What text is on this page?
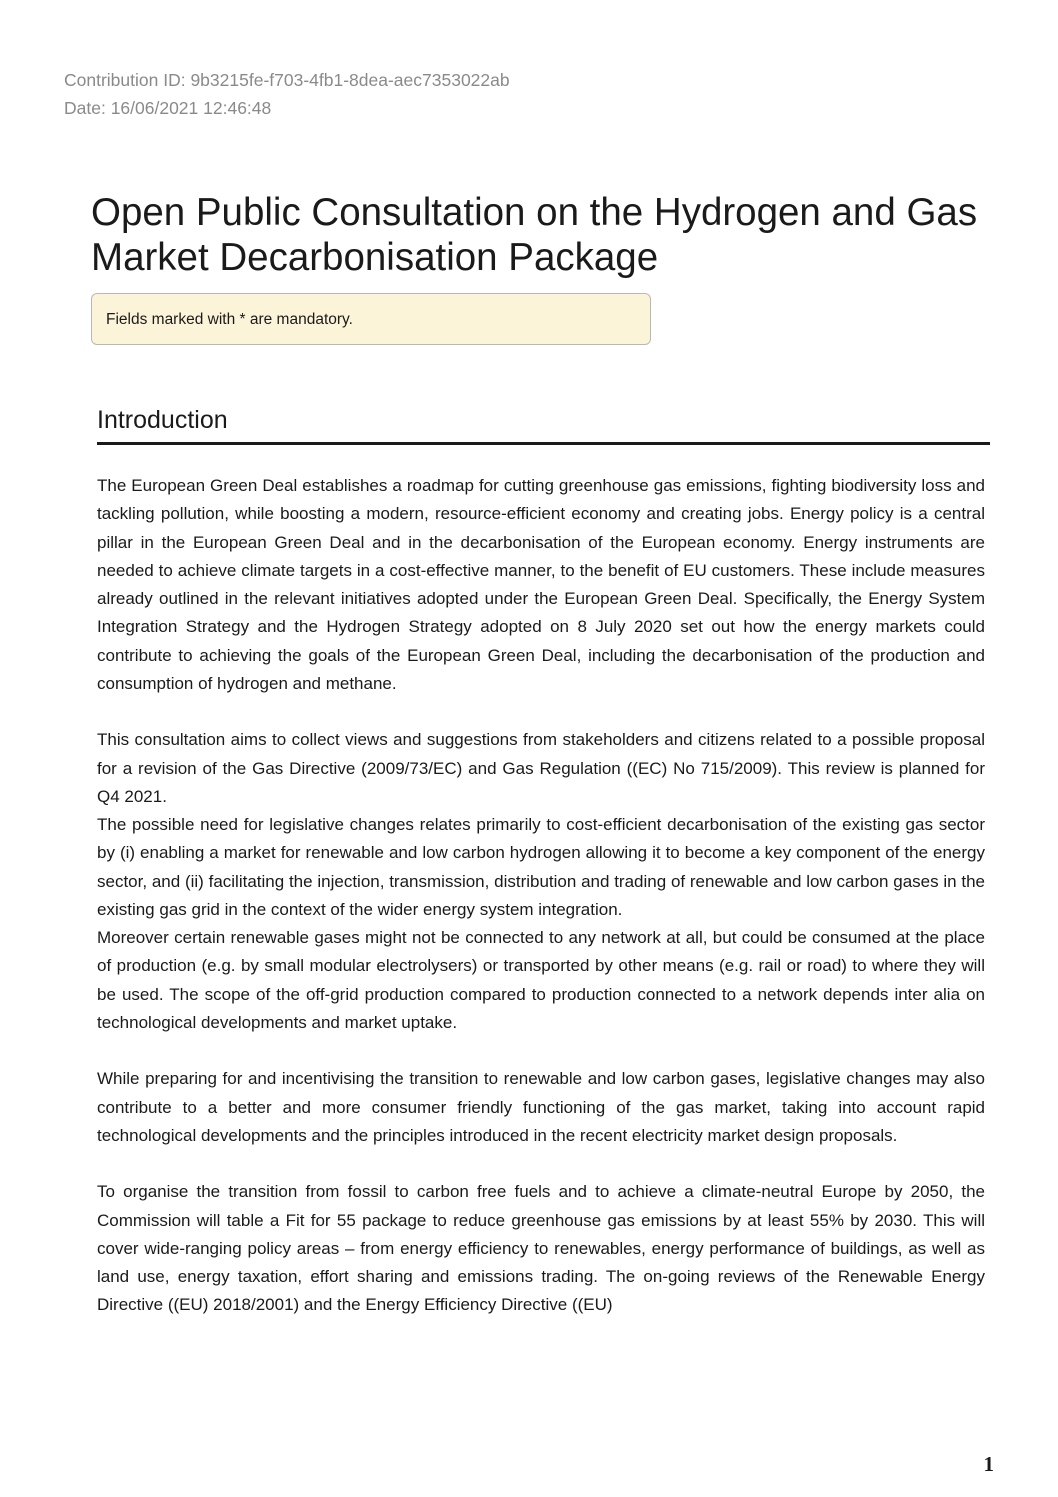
Contribution ID: 9b3215fe-f703-4fb1-8dea-aec7353022ab
Date: 16/06/2021 12:46:48
Open Public Consultation on the Hydrogen and Gas Market Decarbonisation Package
Fields marked with * are mandatory.
Introduction

The European Green Deal establishes a roadmap for cutting greenhouse gas emissions, fighting biodiversity loss and tackling pollution, while boosting a modern, resource-efficient economy and creating jobs. Energy policy is a central pillar in the European Green Deal and in the decarbonisation of the European economy. Energy instruments are needed to achieve climate targets in a cost-effective manner, to the benefit of EU customers. These include measures already outlined in the relevant initiatives adopted under the European Green Deal. Specifically, the Energy System Integration Strategy and the Hydrogen Strategy adopted on 8 July 2020 set out how the energy markets could contribute to achieving the goals of the European Green Deal, including the decarbonisation of the production and consumption of hydrogen and methane.

This consultation aims to collect views and suggestions from stakeholders and citizens related to a possible proposal for a revision of the Gas Directive (2009/73/EC) and Gas Regulation ((EC) No 715/2009). This review is planned for Q4 2021.

The possible need for legislative changes relates primarily to cost-efficient decarbonisation of the existing gas sector by (i) enabling a market for renewable and low carbon hydrogen allowing it to become a key component of the energy sector, and (ii) facilitating the injection, transmission, distribution and trading of renewable and low carbon gases in the existing gas grid in the context of the wider energy system integration.

Moreover certain renewable gases might not be connected to any network at all, but could be consumed at the place of production (e.g. by small modular electrolysers) or transported by other means (e.g. rail or road) to where they will be used. The scope of the off-grid production compared to production connected to a network depends inter alia on technological developments and market uptake.

While preparing for and incentivising the transition to renewable and low carbon gases, legislative changes may also contribute to a better and more consumer friendly functioning of the gas market, taking into account rapid technological developments and the principles introduced in the recent electricity market design proposals.

To organise the transition from fossil to carbon free fuels and to achieve a climate-neutral Europe by 2050, the Commission will table a Fit for 55 package to reduce greenhouse gas emissions by at least 55% by 2030. This will cover wide-ranging policy areas – from energy efficiency to renewables, energy performance of buildings, as well as land use, energy taxation, effort sharing and emissions trading. The on-going reviews of the Renewable Energy Directive ((EU) 2018/2001) and the Energy Efficiency Directive ((EU)

1
